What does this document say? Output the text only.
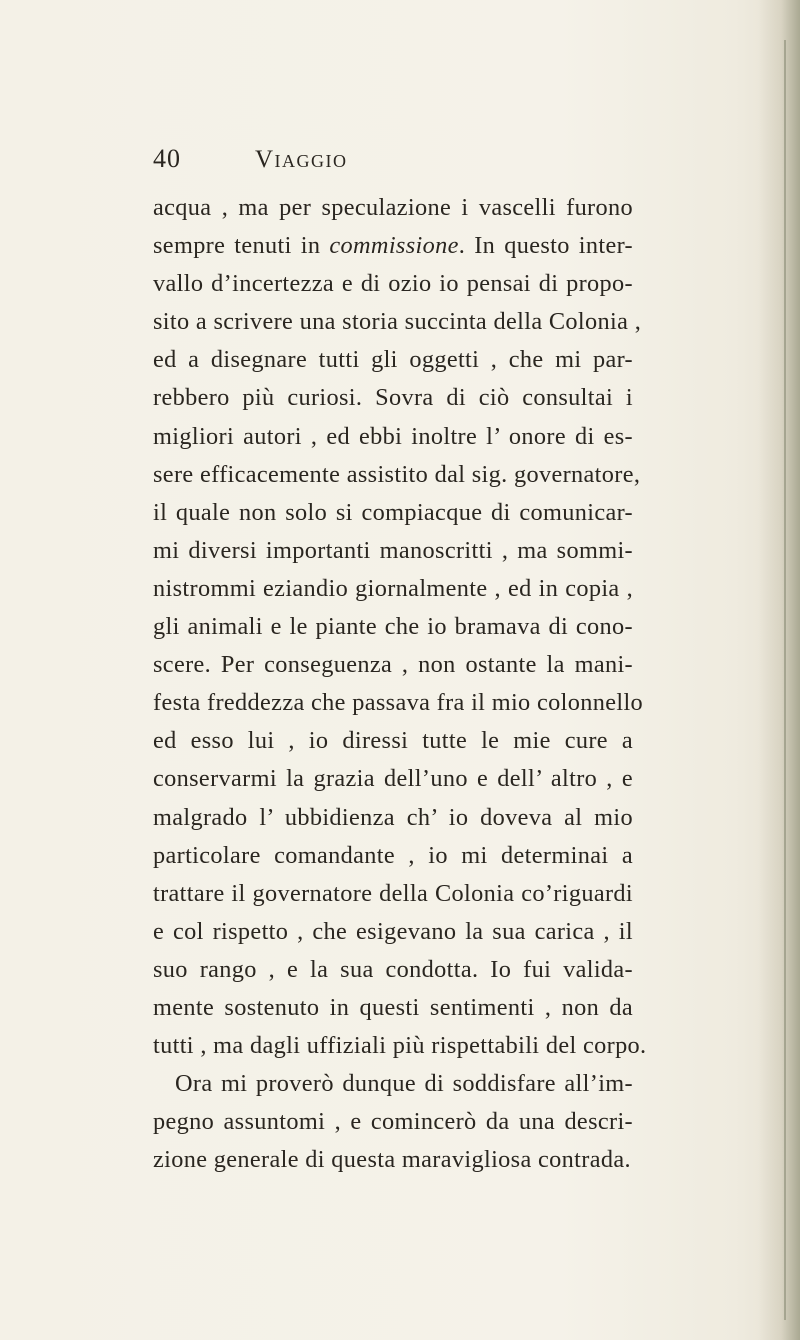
40	Viaggio
acqua , ma per speculazione i vascelli furono
sempre tenuti in commissione. In questo inter-
vallo d’incertezza e di ozio io pensai di propo-
sito a scrivere una storia succinta della Colonia ,
ed a disegnare tutti gli oggetti , che mi par-
rebbero più curiosi. Sovra di ciò consultai i
migliori autori , ed ebbi inoltre l’ onore di es-
sere efficacemente assistito dal sig. governatore,
il quale non solo si compiacque di comunicar-
mi diversi importanti manoscritti , ma sommi-
nistrommi eziandio giornalmente , ed in copia ,
gli animali e le piante che io bramava di cono-
scere. Per conseguenza , non ostante la mani-
festa freddezza che passava fra il mio colonnello
ed esso lui , io diressi tutte le mie cure a
conservarmi la grazia dell’uno e dell’ altro , e
malgrado l’ ubbidienza ch’ io doveva al mio
particolare comandante , io mi determinai a
trattare il governatore della Colonia co’riguardi
e col rispetto , che esigevano la sua carica , il
suo rango , e la sua condotta. Io fui valida-
mente sostenuto in questi sentimenti , non da
tutti , ma dagli uffiziali più rispettabili del corpo.
Ora mi proverò dunque di soddisfare all’im-
pegno assuntomi , e comincerò da una descri-
zione generale di questa maravigliosa contrada.
